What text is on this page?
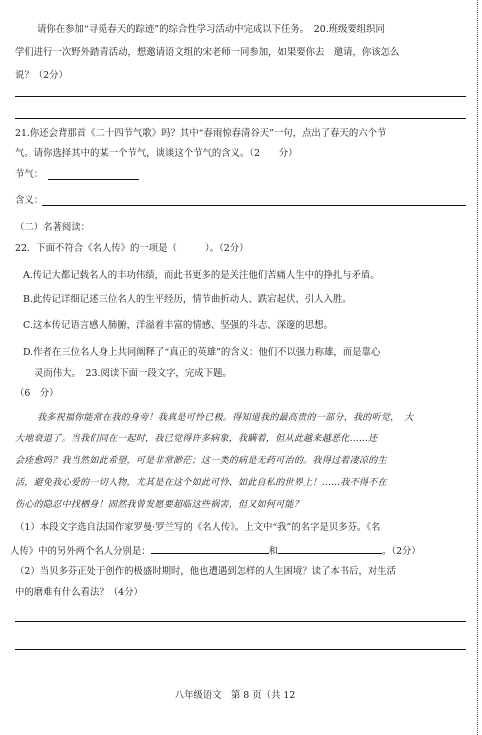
请你在参加“寻觅春天的踪迹”的综合性学习活动中完成以下任务。　20.班级要组织同
学们进行一次野外踏青活动，想邀请语文组的宋老师一同参加，如果要你去　邀请，你该怎么
说？（2分）
21.你还会背那首《二十四节气歌》吗？其中“春雨惊春清谷天”一句，点出了春天的六个节
气。请你选择其中的某一个节气，谈谈这个节气的含义。（2　　分）
节气：
含义：
（二）名著阅读：
22．下面不符合《名人传》的一项是（　　　）。（2分）
A.传记大都记载名人的丰功伟绩，而此书更多的是关注他们苦痛人生中的挣扎与矛盾。
B.此传记详细记述三位名人的生平经历，情节曲折动人、跌宕起伏、引人入胜。
C.这本传记语言感人肺腑，洋溢着丰富的情感、坚强的斗志、深邃的思想。
D.作者在三位名人身上共同阐释了“真正的英雄”的含义：他们不以强力称雄，而是靠心
灵而伟大。　23.阅读下面一段文字，完成下题。
（6　分）
我多祝福你能常在我的身旁！我真是可怜已极。得知道我的最高贵的一部分，我的听觉，　大
大地衰退了。当我们同在一起时，我已觉得许多病象，我瞒着，但从此越来越恶化……还
会痊愈吗？我当然如此希望，可是非常渺茫；这一类的病是无药可治的。我得过着凄凉的生
活，避免我心爱的一切人物，尤其是在这个如此可怜、如此自私的世界上！……我不得不在
伤心的隐忍中找栖身！固然我曾发愿要超临这些祸害，但又如何可能？
（1）本段文字选自法国作家罗曼·罗兰写的《名人传》。上文中“我”的名字是贝多芬。《名
人传》中的另外两个名人分别是：	和	。（2分）
（2）当贝多芬正处于创作的极盛时期时，他也遭遇到怎样的人生困境？读了本书后，对生活
中的磨难有什么看法？（4分）
八年级语文　第 8 页（共 12
